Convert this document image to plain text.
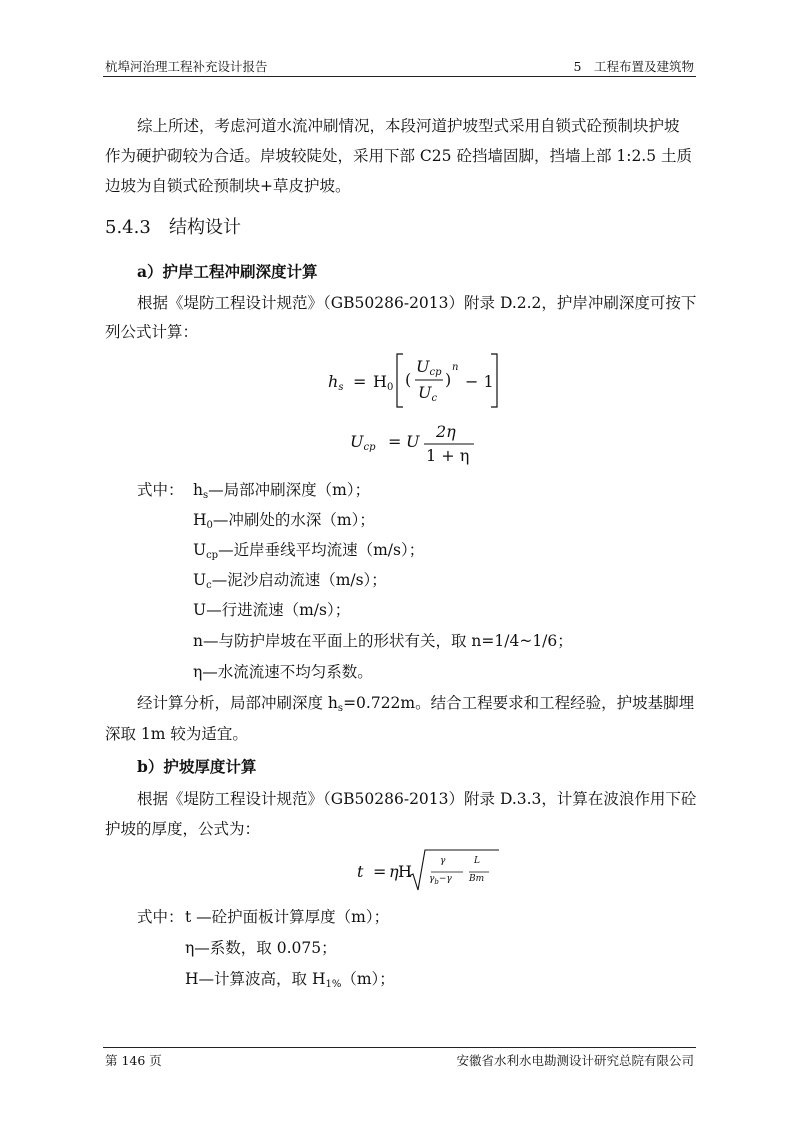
杭埠河治理工程补充设计报告	5　工程布置及建筑物
综上所述，考虑河道水流冲刷情况，本段河道护坡型式采用自锁式砼预制块护坡
作为硬护砌较为合适。岸坡较陡处，采用下部 C25 砼挡墙固脚，挡墙上部 1:2.5 土质
边坡为自锁式砼预制块+草皮护坡。
5.4.3 结构设计
a）护岸工程冲刷深度计算
根据《堤防工程设计规范》（GB50286-2013）附录 D.2.2，护岸冲刷深度可按下
列公式计算：
$h_s = H_0$ (
$U_{cp}$
$U_c$
)
n
− 1
$U_{cp} = U$
2η
1 + η
式中： $h_s—$局部冲刷深度（m）；
$H_0—$冲刷处的水深（m）；
$U_{cp}—$近岸垂线平均流速（m/s）；
$U_c—$泥沙启动流速（m/s）；
U—行进流速（m/s）；
n—与防护岸坡在平面上的形状有关，取 n=1/4~1/6；
η—水流流速不均匀系数。
经计算分析，局部冲刷深度 $h_s=0.722m$。结合工程要求和工程经验，护坡基脚埋
深取 1m 较为适宜。
b）护坡厚度计算
根据《堤防工程设计规范》（GB50286-2013）附录 D.3.3，计算在波浪作用下砼
护坡的厚度，公式为：
t = η H
γ
$\gamma_b-\gamma$
L
Bm
式中： t —砼护面板计算厚度（m）；
η—系数，取 0.075；
H—计算波高，取 $H_{1\%}(m)$；
第 146 页	安徽省水利水电勘测设计研究总院有限公司
